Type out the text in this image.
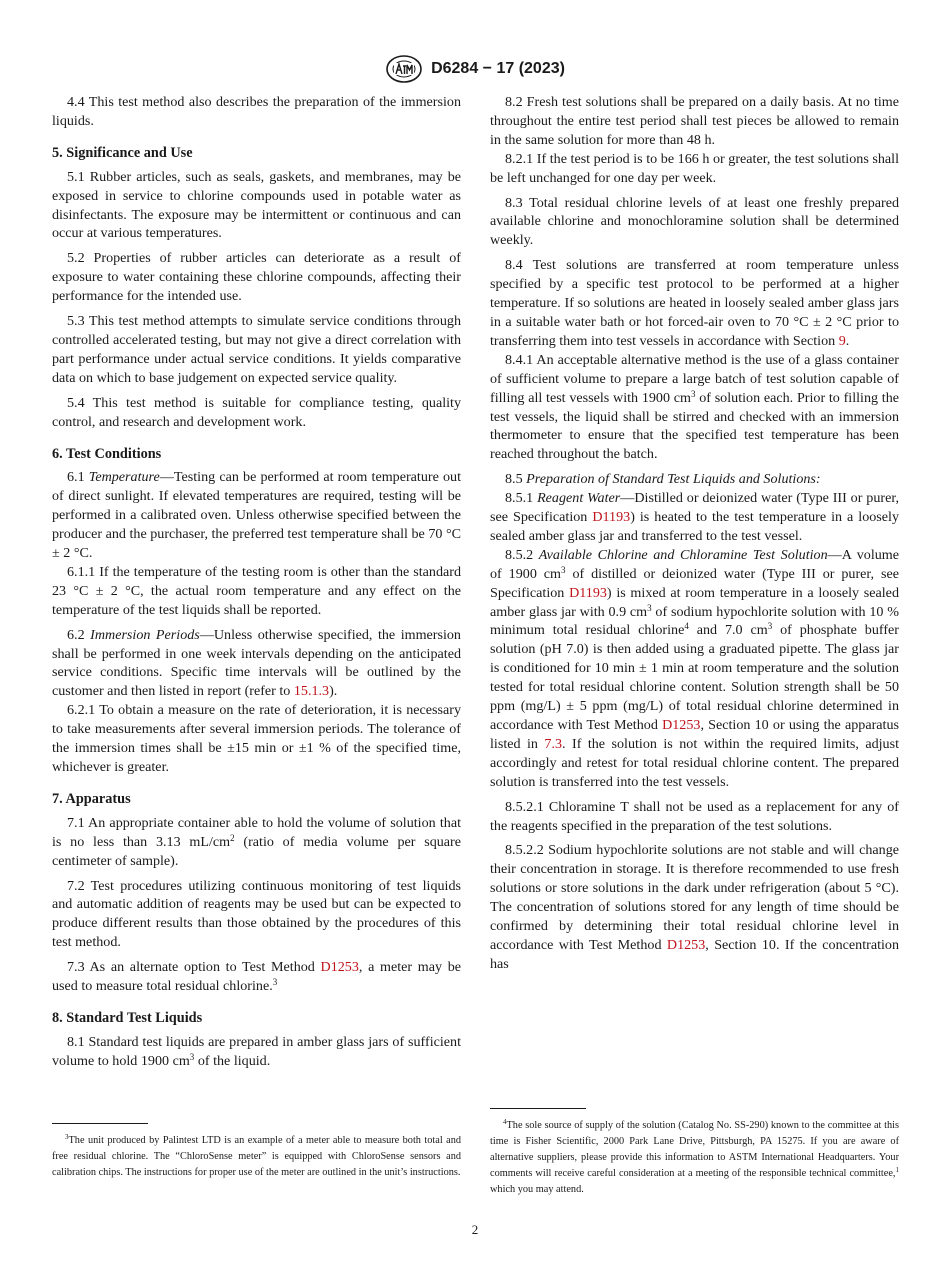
D6284 − 17 (2023)

4.4 This test method also describes the preparation of the immersion liquids.

5. Significance and Use

5.1 Rubber articles, such as seals, gaskets, and membranes, may be exposed in service to chlorine compounds used in potable water as disinfectants. The exposure may be intermittent or continuous and can occur at various temperatures.

5.2 Properties of rubber articles can deteriorate as a result of exposure to water containing these chlorine compounds, affecting their performance for the intended use.

5.3 This test method attempts to simulate service conditions through controlled accelerated testing, but may not give a direct correlation with part performance under actual service conditions. It yields comparative data on which to base judgement on expected service quality.

5.4 This test method is suitable for compliance testing, quality control, and research and development work.

6. Test Conditions

6.1 Temperature—Testing can be performed at room temperature out of direct sunlight. If elevated temperatures are required, testing will be performed in a calibrated oven. Unless otherwise specified between the producer and the purchaser, the preferred test temperature shall be 70 °C ± 2 °C.

6.1.1 If the temperature of the testing room is other than the standard 23 °C ± 2 °C, the actual room temperature and any effect on the temperature of the test liquids shall be reported.

6.2 Immersion Periods—Unless otherwise specified, the immersion shall be performed in one week intervals depending on the anticipated service conditions. Specific time intervals will be outlined by the customer and then listed in report (refer to 15.1.3).

6.2.1 To obtain a measure on the rate of deterioration, it is necessary to take measurements after several immersion periods. The tolerance of the immersion times shall be ±15 min or ±1 % of the specified time, whichever is greater.

7. Apparatus

7.1 An appropriate container able to hold the volume of solution that is no less than 3.13 $mL/cm^2$ (ratio of media volume per square centimeter of sample).

7.2 Test procedures utilizing continuous monitoring of test liquids and automatic addition of reagents may be used but can be expected to produce different results than those obtained by the procedures of this test method.

7.3 As an alternate option to Test Method D1253, a meter may be used to measure total residual chlorine.$^3$

8. Standard Test Liquids

8.1 Standard test liquids are prepared in amber glass jars of sufficient volume to hold 1900 $cm^3$ of the liquid.

8.2 Fresh test solutions shall be prepared on a daily basis. At no time throughout the entire test period shall test pieces be allowed to remain in the same solution for more than 48 h.

8.2.1 If the test period is to be 166 h or greater, the test solutions shall be left unchanged for one day per week.

8.3 Total residual chlorine levels of at least one freshly prepared available chlorine and monochloramine solution shall be determined weekly.

8.4 Test solutions are transferred at room temperature unless specified by a specific test protocol to be performed at a higher temperature. If so solutions are heated in loosely sealed amber glass jars in a suitable water bath or hot forced-air oven to 70 °C ± 2 °C prior to transferring them into test vessels in accordance with Section 9.

8.4.1 An acceptable alternative method is the use of a glass container of sufficient volume to prepare a large batch of test solution capable of filling all test vessels with 1900 $cm^3$ of solution each. Prior to filling the test vessels, the liquid shall be stirred and checked with an immersion thermometer to ensure that the specified test temperature has been reached throughout the batch.

8.5 Preparation of Standard Test Liquids and Solutions:

8.5.1 Reagent Water—Distilled or deionized water (Type III or purer, see Specification D1193) is heated to the test temperature in a loosely sealed amber glass jar and transferred to the test vessel.

8.5.2 Available Chlorine and Chloramine Test Solution—A volume of 1900 $cm^3$ of distilled or deionized water (Type III or purer, see Specification D1193) is mixed at room temperature in a loosely sealed amber glass jar with 0.9 $cm^3$ of sodium hypochlorite solution with 10 % minimum total residual chlorine$^4$ and 7.0 $cm^3$ of phosphate buffer solution (pH 7.0) is then added using a graduated pipette. The glass jar is conditioned for 10 min ± 1 min at room temperature and the solution tested for total residual chlorine content. Solution strength shall be 50 ppm (mg/L) ± 5 ppm (mg/L) of total residual chlorine determined in accordance with Test Method D1253, Section 10 or using the apparatus listed in 7.3. If the solution is not within the required limits, adjust accordingly and retest for total residual chlorine content. The prepared solution is transferred into the test vessels.

8.5.2.1 Chloramine T shall not be used as a replacement for any of the reagents specified in the preparation of the test solutions.

8.5.2.2 Sodium hypochlorite solutions are not stable and will change their concentration in storage. It is therefore recommended to use fresh solutions or store solutions in the dark under refrigeration (about 5 °C). The concentration of solutions stored for any length of time should be confirmed by determining their total residual chlorine level in accordance with Test Method D1253, Section 10. If the concentration has

$^3$The unit produced by Palintest LTD is an example of a meter able to measure both total and free residual chlorine. The “ChloroSense meter” is equipped with ChloroSense sensors and calibration chips. The instructions for proper use of the meter are outlined in the unit’s instructions.

$^4$The sole source of supply of the solution (Catalog No. SS-290) known to the committee at this time is Fisher Scientific, 2000 Park Lane Drive, Pittsburgh, PA 15275. If you are aware of alternative suppliers, please provide this information to ASTM International Headquarters. Your comments will receive careful consideration at a meeting of the responsible technical committee,$^1$ which you may attend.

2
